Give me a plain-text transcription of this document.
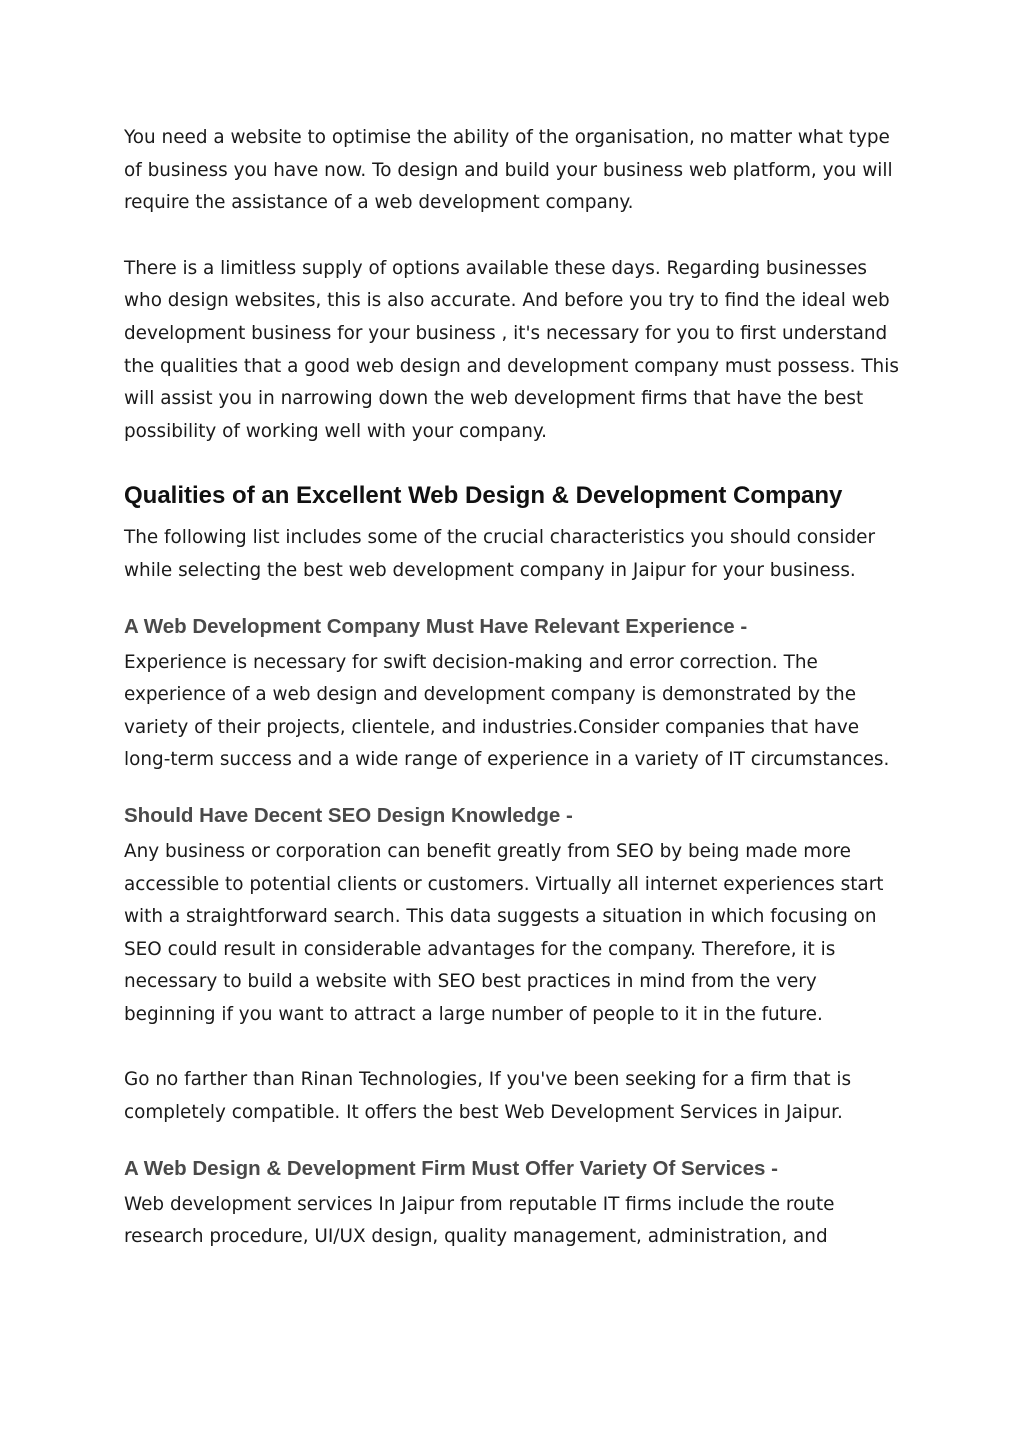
You need a website to optimise the ability of the organisation, no matter what type of business you have now. To design and build your business web platform, you will require the assistance of a web development company.

There is a limitless supply of options available these days. Regarding businesses who design websites, this is also accurate. And before you try to find the ideal web development business for your business , it's necessary for you to first understand the qualities that a good web design and development company must possess. This will assist you in narrowing down the web development firms that have the best possibility of working well with your company.

Qualities of an Excellent Web Design & Development Company

The following list includes some of the crucial characteristics you should consider while selecting the best web development company in Jaipur for your business.

A Web Development Company Must Have Relevant Experience -

Experience is necessary for swift decision-making and error correction. The experience of a web design and development company is demonstrated by the variety of their projects, clientele, and industries.Consider companies that have long-term success and a wide range of experience in a variety of IT circumstances.

Should Have Decent SEO Design Knowledge -

Any business or corporation can benefit greatly from SEO by being made more accessible to potential clients or customers. Virtually all internet experiences start with a straightforward search. This data suggests a situation in which focusing on SEO could result in considerable advantages for the company. Therefore, it is necessary to build a website with SEO best practices in mind from the very beginning if you want to attract a large number of people to it in the future.

Go no farther than Rinan Technologies, If you've been seeking for a firm that is completely compatible. It offers the best Web Development Services in Jaipur.

A Web Design & Development Firm Must Offer Variety Of Services -

Web development services In Jaipur from reputable IT firms include the route research procedure, UI/UX design, quality management, administration, and
